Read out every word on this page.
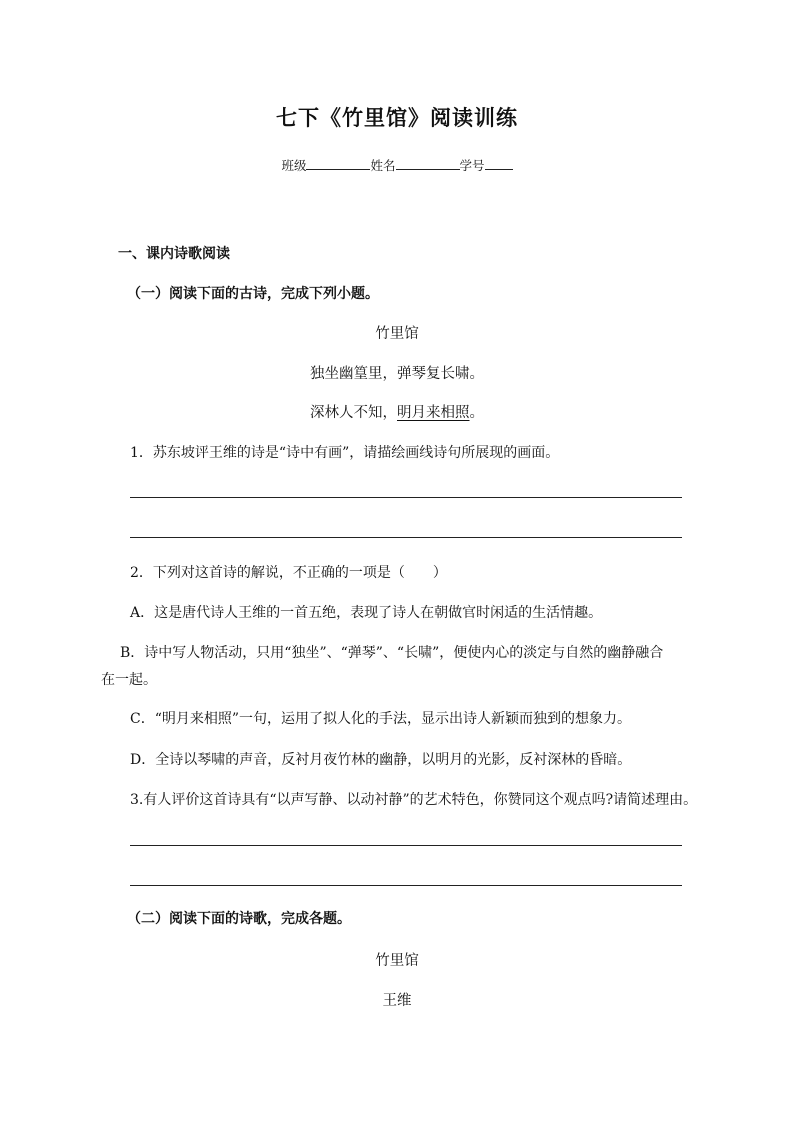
七下《竹里馆》阅读训练
班级	姓名	学号
一、课内诗歌阅读
（一）阅读下面的古诗，完成下列小题。
竹里馆
独坐幽篁里，弹琴复长啸。
深林人不知，明月来相照。
1．苏东坡评王维的诗是“诗中有画”，请描绘画线诗句所展现的画面。
2．下列对这首诗的解说，不正确的一项是（　　）
A．这是唐代诗人王维的一首五绝，表现了诗人在朝做官时闲适的生活情趣。
B．诗中写人物活动，只用“独坐”、“弹琴”、“长啸”，便使内心的淡定与自然的幽静融合
在一起。
C．“明月来相照”一句，运用了拟人化的手法，显示出诗人新颖而独到的想象力。
D．全诗以琴啸的声音，反衬月夜竹林的幽静，以明月的光影，反衬深林的昏暗。
3.有人评价这首诗具有“以声写静、以动衬静”的艺术特色，你赞同这个观点吗?请简述理由。
（二）阅读下面的诗歌，完成各题。
竹里馆
王维
